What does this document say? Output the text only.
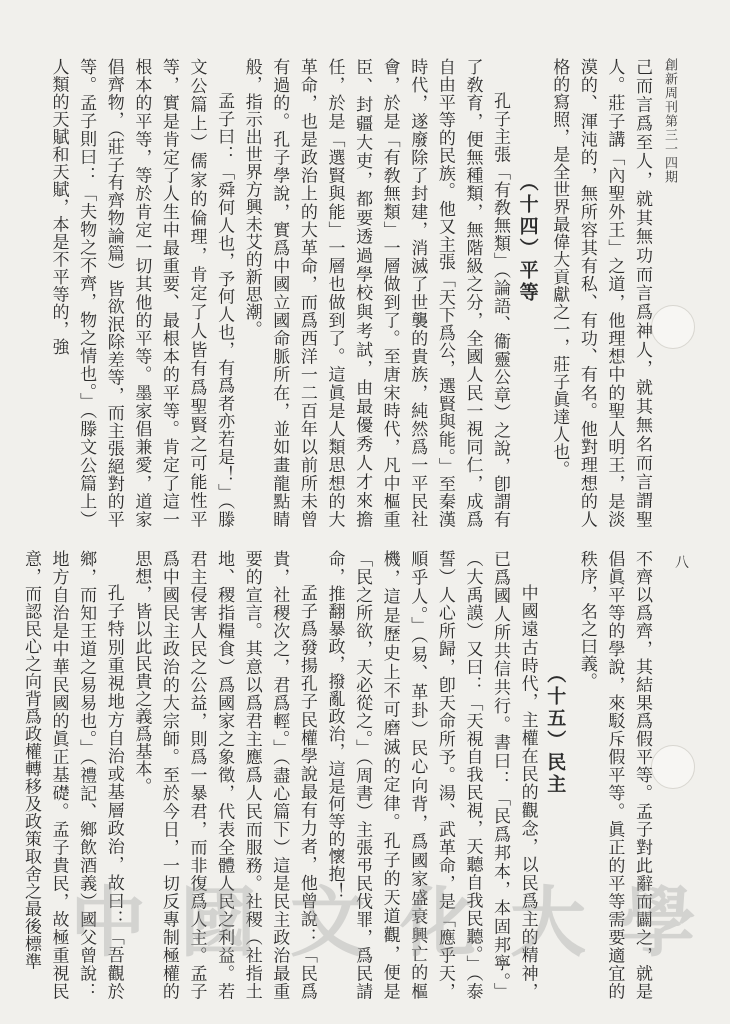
創新周刊第三一四期

己而言爲至人，就其無功而言爲神人，就其無名而言謂聖人。莊子講「內聖外王」之道，他理想中的聖人明王，是淡漠的、渾沌的，無所容其有私、有功、有名。他對理想的人格的寫照，是全世界最偉大貢獻之一，莊子眞達人也。

（十四）平等

孔子主張「有敎無類」（論語、衞靈公章）之說，卽謂有了敎育，便無種類，無階級之分，全國人民一視同仁，成爲自由平等的民族。他又主張「天下爲公，選賢與能。」至秦漢時代，遂廢除了封建，消滅了世襲的貴族，純然爲一平民社會，於是「有敎無類」一層做到了。至唐宋時代，凡中樞重臣、封疆大吏，都要透過學校與考試，由最優秀人才來擔任，於是「選賢與能」一層也做到了。這眞是人類思想的大革命，也是政治上的大革命，而爲西洋一二百年以前所未曾有過的。孔子學說，實爲中國立國命脈所在，並如畫龍點睛般，指示出世界方興未艾的新思潮。

孟子曰：「舜何人也，予何人也，有爲者亦若是！」（滕文公篇上）儒家的倫理，肯定了人皆有爲聖賢之可能性平等，實是肯定了人生中最重要、最根本的平等。肯定了這一根本的平等，等於肯定一切其他的平等。墨家倡兼愛，道家倡齊物，（莊子有齊物論篇）皆欲泯除差等，而主張絕對的平等。孟子則曰：「夫物之不齊，物之情也。」（滕文公篇上）人類的天賦和天賦，本是不平等的，強

八

不齊以爲齊，其結果爲假平等。孟子對此辭而闢之，就是倡眞平等的學說，來駁斥假平等。眞正的平等需要適宜的秩序，名之曰義。

（十五）民主

中國遠古時代，主權在民的觀念，以民爲主的精神，已爲國人所共信共行。書曰：「民爲邦本，本固邦寧。」（大禹謨）又曰：「天視自我民視，天聽自我民聽。」（泰誓）人心所歸，卽天命所予。湯、武革命，是「應乎天，順乎人。」（易、革卦）民心向背，爲國家盛衰興亡的樞機，這是歷史上不可磨滅的定律。孔子的天道觀，便是「民之所欲，天必從之。」（周書）主張弔民伐罪，爲民請命，推翻暴政，撥亂政治，這是何等的懷抱！

孟子爲發揚孔子民權學說最有力者，他曾說：「民爲貴，社稷次之，君爲輕。」（盡心篇下）這是民主政治最重要的宣言。其意以爲君主應爲人民而服務。社稷（社指土地、稷指糧食）爲國家之象徵，代表全體人民之利益。若君主侵害人民之公益，則爲一暴君，而非復爲人主。孟子爲中國民主政治的大宗師。至於今日，一切反專制極權的思想，皆以此民貴之義爲基本。

孔子特別重視地方自治或基層政治，故曰：「吾觀於鄉，而知王道之易易也。」（禮記、鄉飲酒義）國父曾說：地方自治是中華民國的眞正基礎。孟子貴民，故極重視民意，而認民心之向背爲政權轉移及政策取舍之最後標準 中國文化大學
